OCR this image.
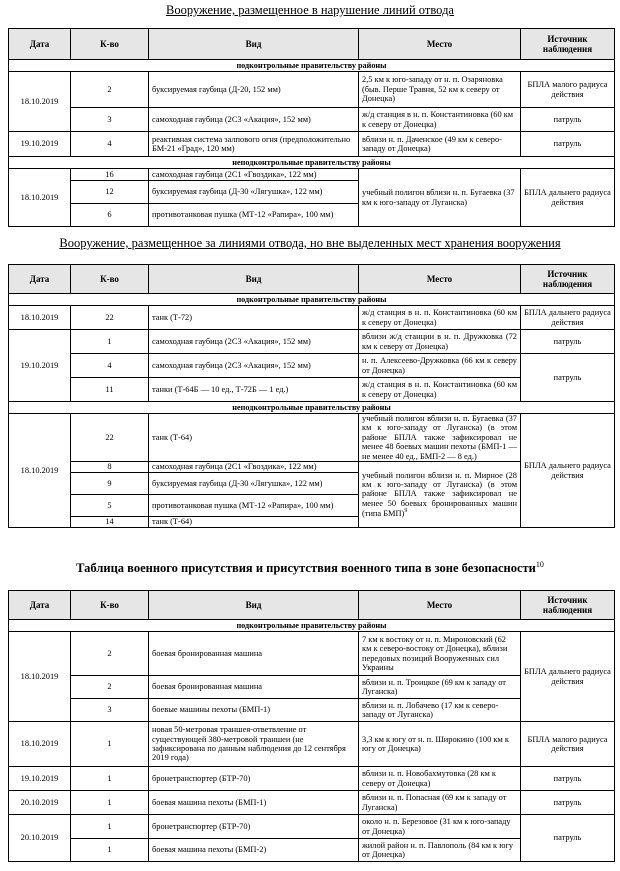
Вооружение, размещенное в нарушение линий отвода
Дата	К-во	Вид	Место	Источник наблюдения
подконтрольные правительству районы				
18.10.2019	2	буксируемая гаубица (Д-20, 152 мм)	2,5 км к юго-западу от н. п. Озаряновка (быв. Перше Травня, 52 км к северу от Донецка)	БПЛА малого радиуса действия
	3	самоходная гаубица (2С3 «Акация», 152 мм)	ж/д станция в н. п. Константиновка (60 км к северу от Донецка)	патруль
19.10.2019	4	реактивная система залпового огня (предположительно БМ-21 «Град», 120 мм)	вблизи н. п. Даченское (49 км к северо-западу от Донецка)	патруль
неподконтрольные правительству районы				
18.10.2019	16	самоходная гаубица (2С1 «Гвоздика», 122 мм)	учебный полигон вблизи н. п. Бугаевка (37 км к юго-западу от Луганска)	БПЛА дальнего радиуса действия
	12	буксируемая гаубица (Д-30 «Лягушка», 122 мм)		
	6	противотанковая пушка (МТ-12 «Рапира», 100 мм)		
Вооружение, размещенное за линиями отвода, но вне выделенных мест хранения вооружения
Дата	К-во	Вид	Место	Источник наблюдения
подконтрольные правительству районы				
18.10.2019	22	танк (Т-72)	ж/д станция в н. п. Константиновка (60 км к северу от Донецка)	БПЛА дальнего радиуса действия
19.10.2019	1	самоходная гаубица (2С3 «Акация», 152 мм)	вблизи ж/д станции в н. п. Дружковка (72 км к северу от Донецка)	патруль
	4	самоходная гаубица (2С3 «Акация», 152 мм)	н. п. Алексеево-Дружковка (66 км к северу от Донецка)	патруль
	11	танки (Т-64Б — 10 ед., Т-72Б — 1 ед.)	ж/д станция в н. п. Константиновка (60 км к северу от Донецка)	
неподконтрольные правительству районы				
18.10.2019	22	танк (Т-64)	учебный полигон вблизи н. п. Бугаевка (37 км к юго-западу от Луганска) (в этом районе БПЛА также зафиксировал не менее 48 боевых машин пехоты (БМП-1 — не менее 40 ед., БМП-2 — 8 ед.)	БПЛА дальнего радиуса действия
	8	самоходная гаубица (2С1 «Гвоздика», 122 мм)	учебный полигон вблизи н. п. Мирное (28 км к юго-западу от Луганска) (в этом районе БПЛА также зафиксировал не менее 50 боевых бронированных машин (типа БМП)$^9$
	9	буксируемая гаубица (Д-30 «Лягушка», 122 мм)		
	5	противотанковая пушка (МТ-12 «Рапира», 100 мм)		
	14	танк (Т-64)		
Таблица военного присутствия и присутствия военного типа в зоне безопасности$^{10}$
Дата	К-во	Вид	Место	Источник наблюдения
подконтрольные правительству районы				
18.10.2019	2	боевая бронированная машина	7 км к востоку от н. п. Мироновский (62 км к северо-востоку от Донецка), вблизи передовых позиций Вооруженных сил Украины	БПЛА дальнего радиуса действия
	2	боевая бронированная машина	вблизи н. п. Троицкое (69 км к западу от Луганска)	
	3	боевые машины пехоты (БМП-1)	вблизи н. п. Лобачево (17 км к северо-западу от Луганска)	
18.10.2019	1	новая 50-метровая траншея-ответвление от существующей 380-метровой траншеи (не зафиксирована по данным наблюдения до 12 сентября 2019 года)	3,3 км к югу от н. п. Широкино (100 км к югу от Донецка)	БПЛА малого радиуса действия
19.10.2019	1	бронетранспортер (БТР-70)	вблизи н. п. Новобахмутовка (28 км к северу от Донецка)	патруль
20.10.2019	1	боевая машина пехоты (БМП-1)	вблизи н. п. Попасная (69 км к западу от Луганска)	патруль
20.10.2019	1	бронетранспортер (БТР-70)	около н. п. Березовое (31 км к юго-западу от Донецка)	патруль
	1	боевая машина пехоты (БМП-2)	жилой район н. п. Павлополь (84 км к югу от Донецка)	
